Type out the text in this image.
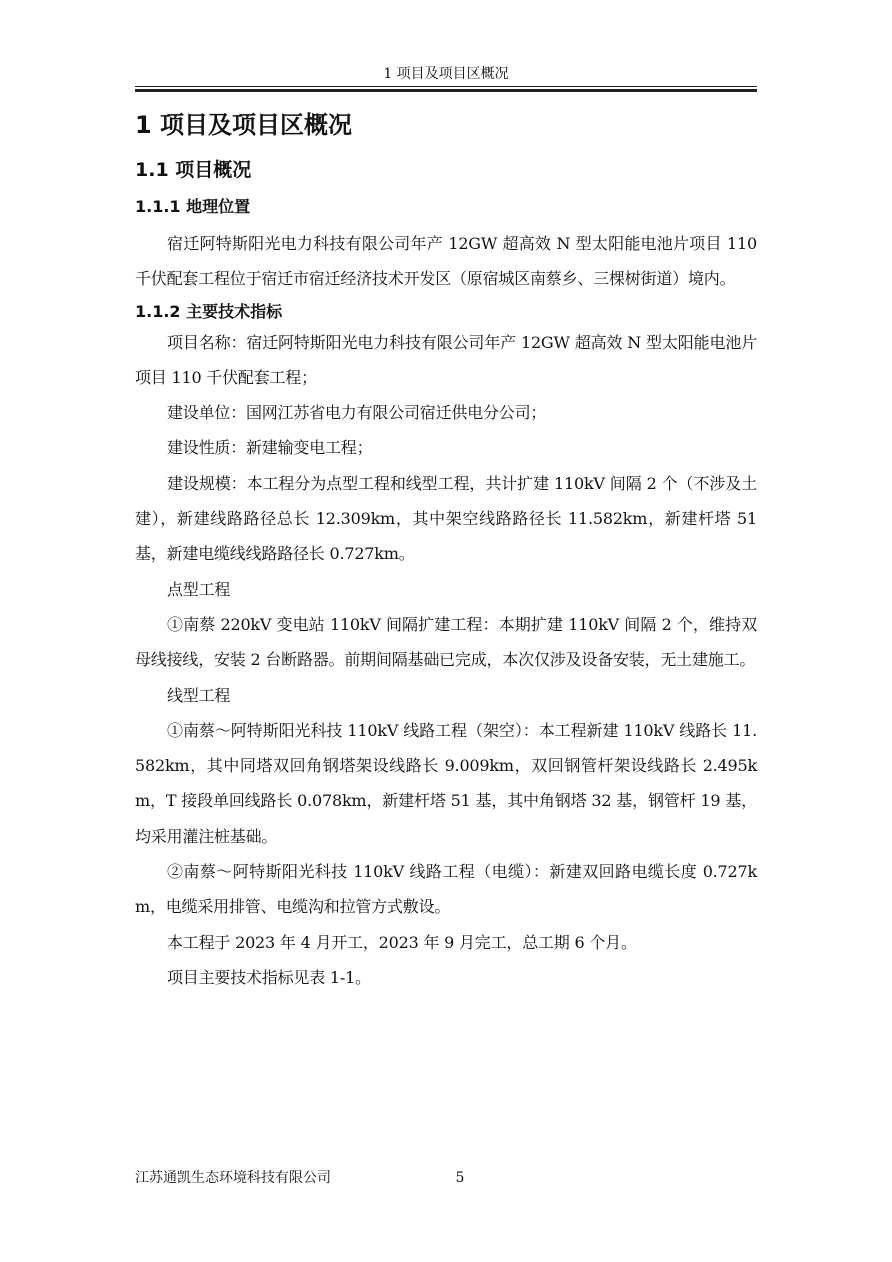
1 项目及项目区概况
1 项目及项目区概况
1.1 项目概况
1.1.1 地理位置

宿迁阿特斯阳光电力科技有限公司年产 12GW 超高效 N 型太阳能电池片项目 110 千伏配套工程位于宿迁市宿迁经济技术开发区（原宿城区南蔡乡、三棵树街道）境内。

1.1.2 主要技术指标

项目名称：宿迁阿特斯阳光电力科技有限公司年产 12GW 超高效 N 型太阳能电池片项目 110 千伏配套工程；

建设单位：国网江苏省电力有限公司宿迁供电分公司；

建设性质：新建输变电工程；

建设规模：本工程分为点型工程和线型工程，共计扩建 110kV 间隔 2 个（不涉及土建），新建线路路径总长 12.309km，其中架空线路路径长 11.582km，新建杆塔 51 基，新建电缆线线路路径长 0.727km。

点型工程

①南蔡 220kV 变电站 110kV 间隔扩建工程：本期扩建 110kV 间隔 2 个，维持双母线接线，安装 2 台断路器。前期间隔基础已完成，本次仅涉及设备安装，无土建施工。

线型工程

①南蔡～阿特斯阳光科技 110kV 线路工程（架空）：本工程新建 110kV 线路长 11.582km，其中同塔双回角钢塔架设线路长 9.009km，双回钢管杆架设线路长 2.495km，T 接段单回线路长 0.078km，新建杆塔 51 基，其中角钢塔 32 基，钢管杆 19 基，均采用灌注桩基础。

②南蔡～阿特斯阳光科技 110kV 线路工程（电缆）：新建双回路电缆长度 0.727km，电缆采用排管、电缆沟和拉管方式敷设。

本工程于 2023 年 4 月开工，2023 年 9 月完工，总工期 6 个月。

项目主要技术指标见表 1-1。

江苏通凯生态环境科技有限公司	5
